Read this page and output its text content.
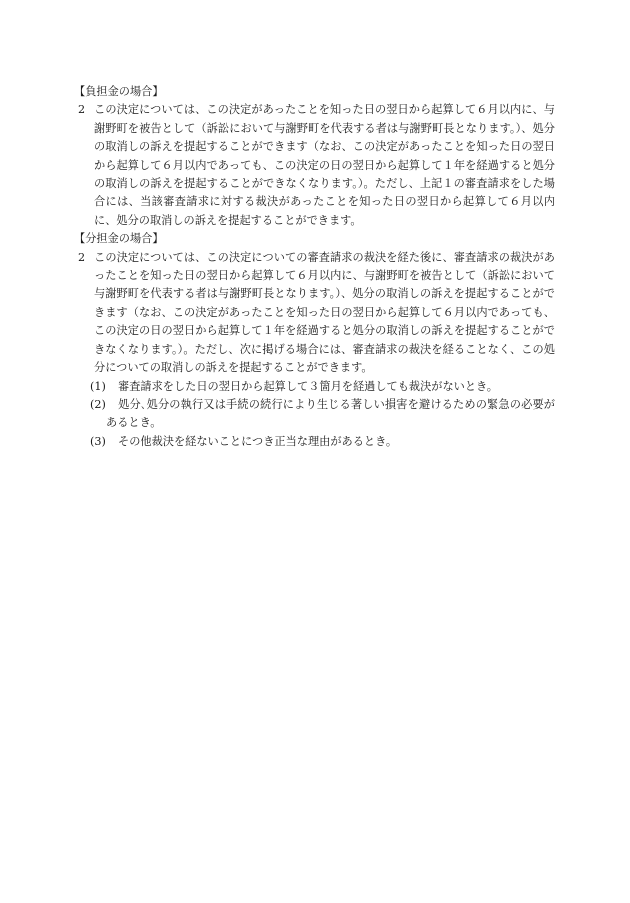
【負担金の場合】
2 この決定については、この決定があったことを知った日の翌日から起算して６月以内に、与謝野町を被告として（訴訟において与謝野町を代表する者は与謝野町長となります。）、処分の取消しの訴えを提起することができます（なお、この決定があったことを知った日の翌日から起算して６月以内であっても、この決定の日の翌日から起算して１年を経過すると処分の取消しの訴えを提起することができなくなります。）。ただし、上記１の審査請求をした場合には、当該審査請求に対する裁決があったことを知った日の翌日から起算して６月以内に、処分の取消しの訴えを提起することができます。
【分担金の場合】
2 この決定については、この決定についての審査請求の裁決を経た後に、審査請求の裁決があったことを知った日の翌日から起算して６月以内に、与謝野町を被告として（訴訟において与謝野町を代表する者は与謝野町長となります。）、処分の取消しの訴えを提起することができます（なお、この決定があったことを知った日の翌日から起算して６月以内であっても、この決定の日の翌日から起算して１年を経過すると処分の取消しの訴えを提起することができなくなります。）。ただし、次に掲げる場合には、審査請求の裁決を経ることなく、この処分についての取消しの訴えを提起することができます。
(1) 審査請求をした日の翌日から起算して３箇月を経過しても裁決がないとき。
(2) 処分､処分の執行又は手続の続行により生じる著しい損害を避けるための緊急の必要があるとき。
(3) その他裁決を経ないことにつき正当な理由があるとき。
